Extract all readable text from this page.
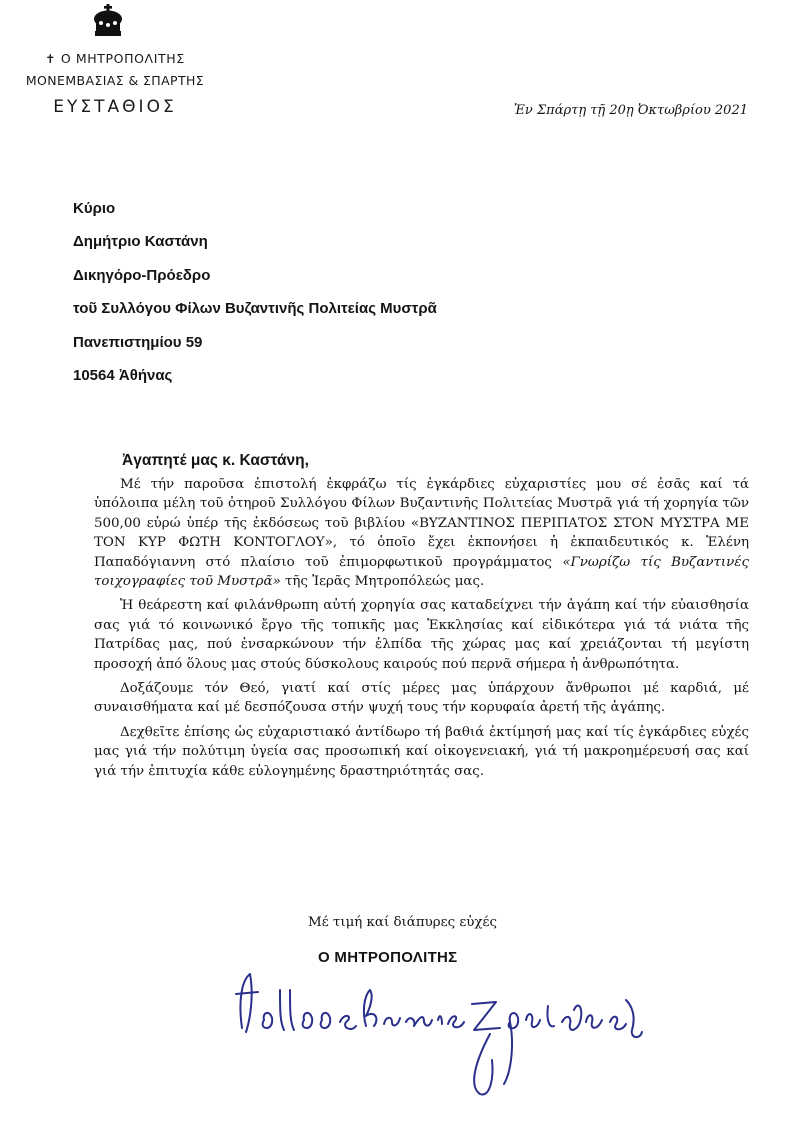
✝ Ο ΜΗΤΡΟΠΟΛΙΤΗΣ
ΜΟΝΕΜΒΑΣΙΑΣ & ΣΠΑΡΤΗΣ
ΕΥΣΤΑΘΙΟΣ	Ἐν Σπάρτῃ τῇ 20ῃ Ὀκτωβρίου 2021
Κύριο
Δημήτριο Καστάνη
Δικηγόρο-Πρόεδρο
τοῦ Συλλόγου Φίλων Βυζαντινῆς Πολιτείας Μυστρᾶ
Πανεπιστημίου 59
10564 Ἀθήνας
Ἀγαπητέ μας κ. Καστάνη,

Μέ τήν παροῦσα ἐπιστολή ἐκφράζω τίς ἐγκάρδιες εὐχαριστίες μου σέ ἐσᾶς καί τά ὑπόλοιπα μέλη τοῦ ὀτηροῦ Συλλόγου Φίλων Βυζαντινῆς Πολιτείας Μυστρᾶ γιά τή χορηγία τῶν 500,00 εὐρώ ὑπέρ τῆς ἐκδόσεως τοῦ βιβλίου «ΒΥΖΑΝΤΙΝΟΣ ΠΕΡΙΠΑΤΟΣ ΣΤΟΝ ΜΥΣΤΡΑ ΜΕ ΤΟΝ ΚΥΡ ΦΩΤΗ ΚΟΝΤΟΓΛΟΥ», τό ὁποῖο ἔχει ἐκπονήσει ἡ ἐκπαιδευτικός κ. Ἑλένη Παπαδόγιαννη στό πλαίσιο τοῦ ἐπιμορφωτικοῦ προγράμματος «Γνωρίζω τίς Βυζαντινές τοιχογραφίες τοῦ Μυστρᾶ» τῆς Ἱερᾶς Μητροπόλεώς μας.

Ἡ θεάρεστη καί φιλάνθρωπη αὐτή χορηγία σας καταδείχνει τήν ἀγάπη καί τήν εὐαισθησία σας γιά τό κοινωνικό ἔργο τῆς τοπικῆς μας Ἐκκλησίας καί εἰδικότερα γιά τά νιάτα τῆς Πατρίδας μας, πού ἐνσαρκώνουν τήν ἐλπίδα τῆς χώρας μας καί χρειάζονται τή μεγίστη προσοχή ἀπό ὅλους μας στούς δύσκολους καιρούς πού περνᾶ σήμερα ἡ ἀνθρωπότητα.

Δοξάζουμε τόν Θεό, γιατί καί στίς μέρες μας ὑπάρχουν ἄνθρωποι μέ καρδιά, μέ συναισθήματα καί μέ δεσπόζουσα στήν ψυχή τους τήν κορυφαία ἀρετή τῆς ἀγάπης.

Δεχθεῖτε ἐπίσης ὡς εὐχαριστιακό ἀντίδωρο τή βαθιά ἐκτίμησή μας καί τίς ἐγκάρδιες εὐχές μας γιά τήν πολύτιμη ὑγεία σας προσωπική καί οἰκογενειακή, γιά τή μακροημέρευσή σας καί γιά τήν ἐπιτυχία κάθε εὐλογημένης δραστηριότητάς σας.

Μέ τιμή καί διάπυρες εὐχές
Ο ΜΗΤΡΟΠΟΛΙΤΗΣ
